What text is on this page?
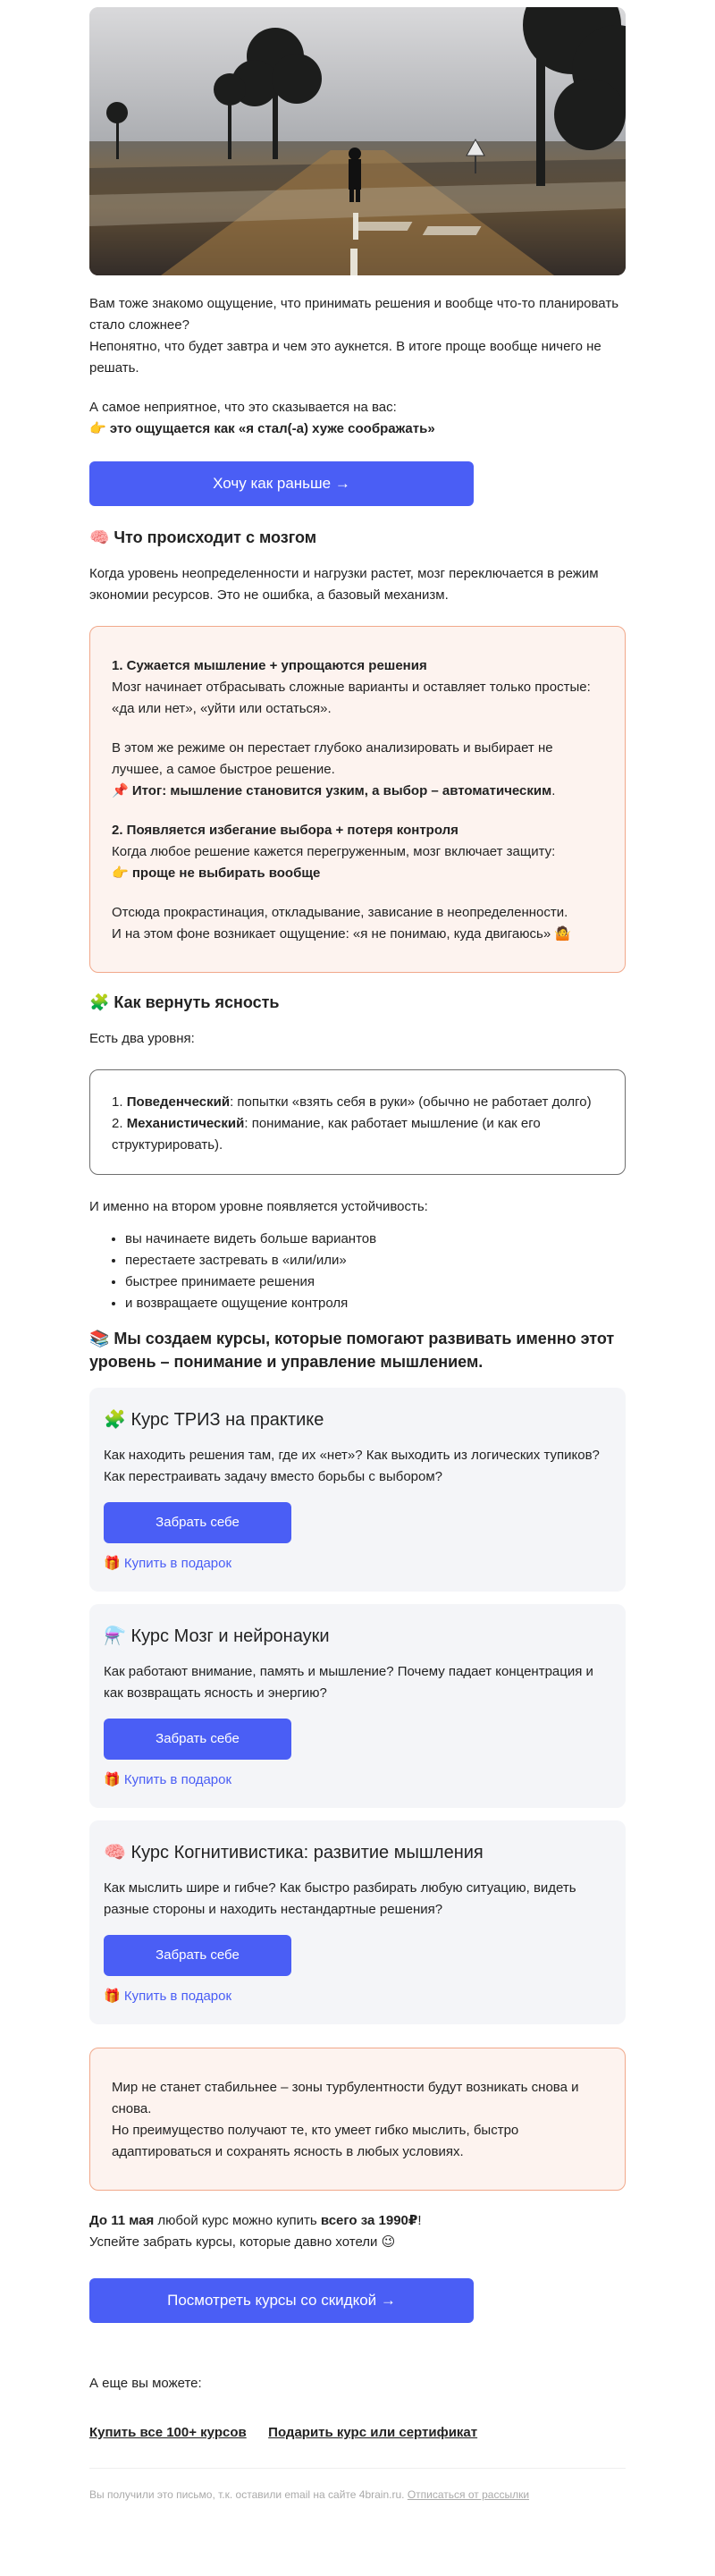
Вам тоже знакомо ощущение, что принимать решения и вообще что-то планировать стало сложнее?
Непонятно, что будет завтра и чем это аукнется. В итоге проще вообще ничего не решать.

А самое неприятное, что это сказывается на вас:
👉 это ощущается как «я стал(-а) хуже соображать»

Хочу как раньше →
🧠 Что происходит с мозгом

Когда уровень неопределенности и нагрузки растет, мозг переключается в режим экономии ресурсов. Это не ошибка, а базовый механизм.

1. Сужается мышление + упрощаются решения

Мозг начинает отбрасывать сложные варианты и оставляет только простые: «да или нет», «уйти или остаться».

В этом же режиме он перестает глубоко анализировать и выбирает не лучшее, а самое быстрое решение.

📌 Итог: мышление становится узким, а выбор – автоматическим.

2. Появляется избегание выбора + потеря контроля

Когда любое решение кажется перегруженным, мозг включает защиту:

👉 проще не выбирать вообще

Отсюда прокрастинация, откладывание, зависание в неопределенности.
И на этом фоне возникает ощущение: «я не понимаю, куда двигаюсь» 🤷

🧩 Как вернуть ясность

Есть два уровня:

1. Поведенческий: попытки «взять себя в руки» (обычно не работает долго)

2. Механистический: понимание, как работает мышление (и как его структурировать).

И именно на втором уровне появляется устойчивость:

• вы начинаете видеть больше вариантов
• перестаете застревать в «или/или»
• быстрее принимаете решения
• и возвращаете ощущение контроля
📚 Мы создаем курсы, которые помогают развивать именно этот уровень – понимание и управление мышлением.
🧩 Курс ТРИЗ на практике

Как находить решения там, где их «нет»? Как выходить из логических тупиков? Как перестраивать задачу вместо борьбы с выбором?

Забрать себе
🎁 Купить в подарок
⚗️ Курс Мозг и нейронауки

Как работают внимание, память и мышление? Почему падает концентрация и как возвращать ясность и энергию?

Забрать себе
🎁 Купить в подарок
🧠 Курс Когнитивистика: развитие мышления

Как мыслить шире и гибче? Как быстро разбирать любую ситуацию, видеть разные стороны и находить нестандартные решения?

Забрать себе
🎁 Купить в подарок

Мир не станет стабильнее – зоны турбулентности будут возникать снова и снова.

Но преимущество получают те, кто умеет гибко мыслить, быстро адаптироваться и сохранять ясность в любых условиях.

До 11 мая любой курс можно купить всего за 1990₽!
Успейте забрать курсы, которые давно хотели 😉

Посмотреть курсы со скидкой →

А еще вы можете:

Купить все 100+ курсов Подарить курс или сертификат
Вы получили это письмо, т.к. оставили email на сайте 4brain.ru. Отписаться от рассылки
